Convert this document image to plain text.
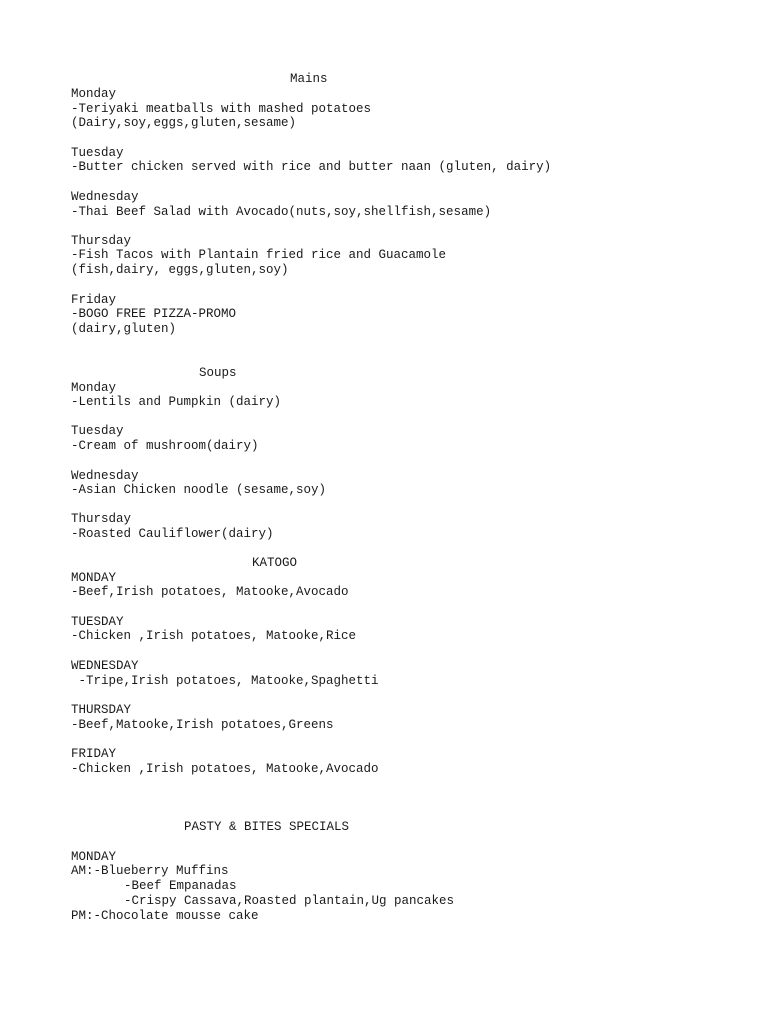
Mains
Monday
-Teriyaki meatballs with mashed potatoes
(Dairy,soy,eggs,gluten,sesame)
Tuesday
-Butter chicken served with rice and butter naan (gluten, dairy)
Wednesday
-Thai Beef Salad with Avocado(nuts,soy,shellfish,sesame)
Thursday
-Fish Tacos with Plantain fried rice and Guacamole
(fish,dairy, eggs,gluten,soy)
Friday
-BOGO FREE PIZZA-PROMO
(dairy,gluten)
Soups
Monday
-Lentils and Pumpkin (dairy)
Tuesday
-Cream of mushroom(dairy)
Wednesday
-Asian Chicken noodle (sesame,soy)
Thursday
-Roasted Cauliflower(dairy)
KATOGO
MONDAY
-Beef,Irish potatoes, Matooke,Avocado
TUESDAY
-Chicken ,Irish potatoes, Matooke,Rice
WEDNESDAY
-Tripe,Irish potatoes, Matooke,Spaghetti
THURSDAY
-Beef,Matooke,Irish potatoes,Greens
FRIDAY
-Chicken ,Irish potatoes, Matooke,Avocado
PASTY & BITES SPECIALS
MONDAY
AM:-Blueberry Muffins
-Beef Empanadas
-Crispy Cassava,Roasted plantain,Ug pancakes
PM:-Chocolate mousse cake
